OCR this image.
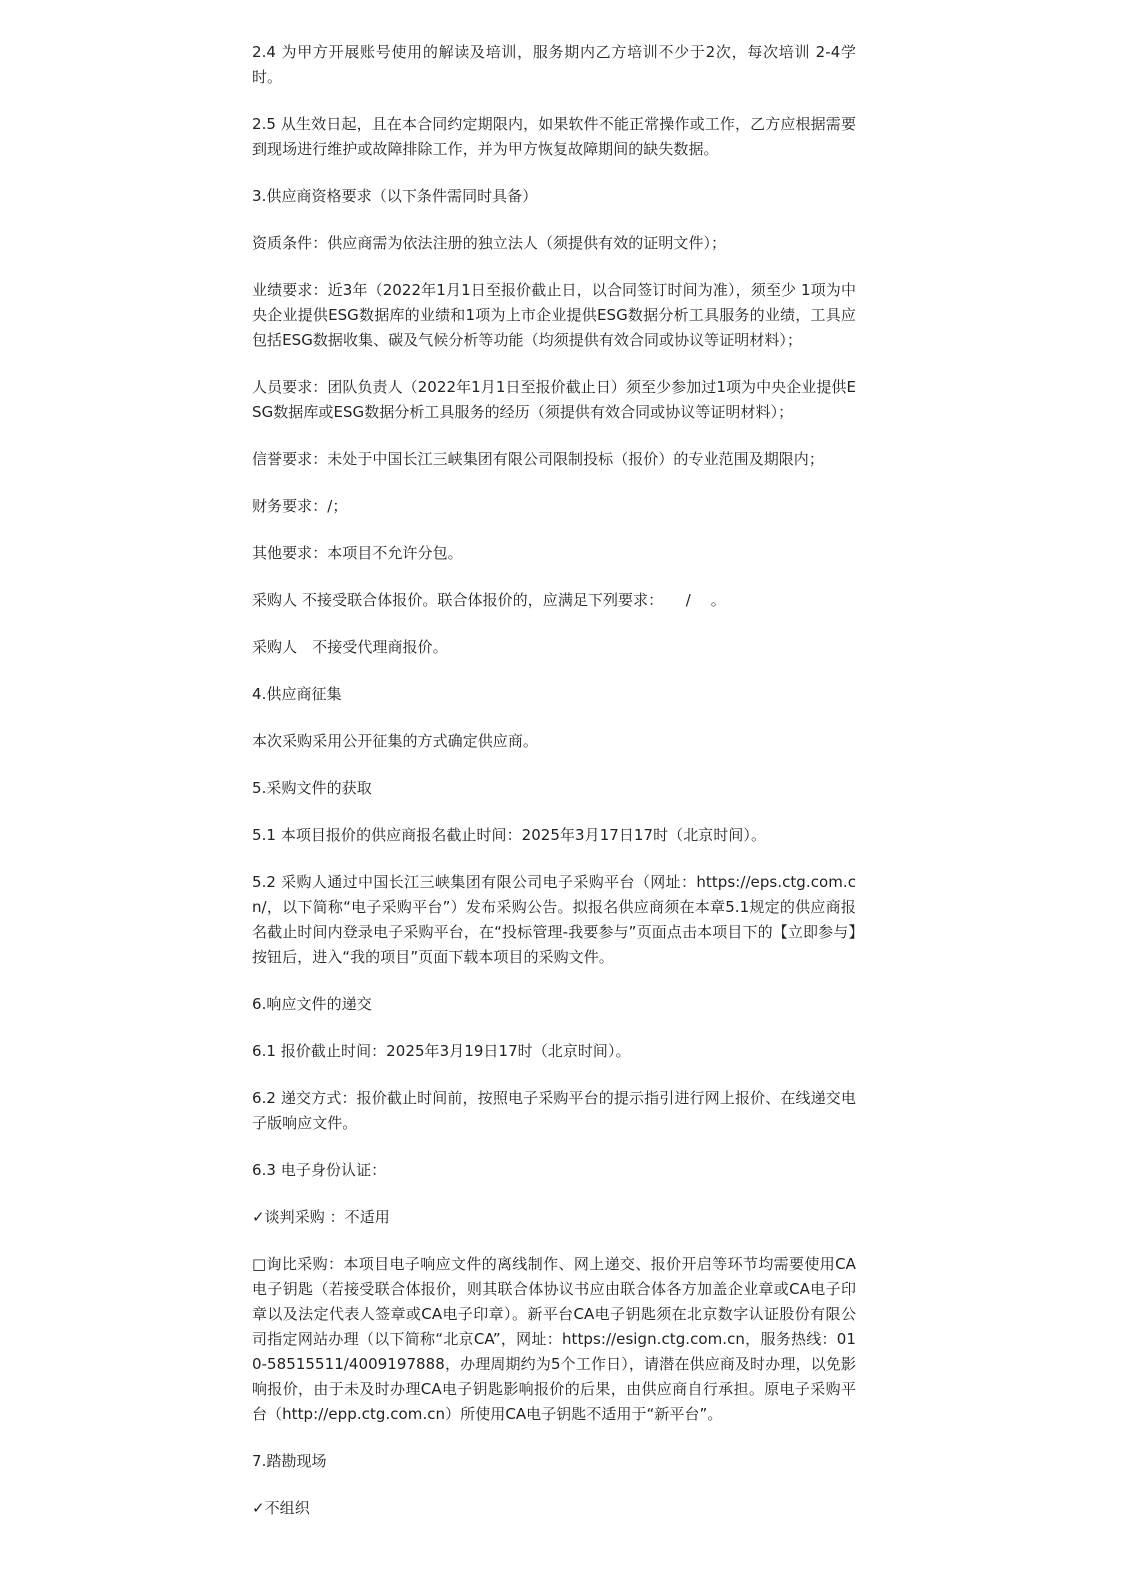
2.4 为甲方开展账号使用的解读及培训，服务期内乙方培训不少于2次，每次培训 2-4学时。

2.5 从生效日起，且在本合同约定期限内，如果软件不能正常操作或工作，乙方应根据需要到现场进行维护或故障排除工作，并为甲方恢复故障期间的缺失数据。

3.供应商资格要求（以下条件需同时具备）

资质条件：供应商需为依法注册的独立法人（须提供有效的证明文件）；

业绩要求：近3年（2022年1月1日至报价截止日，以合同签订时间为准），须至少 1项为中央企业提供ESG数据库的业绩和1项为上市企业提供ESG数据分析工具服务的业绩，工具应包括ESG数据收集、碳及气候分析等功能（均须提供有效合同或协议等证明材料）；

人员要求：团队负责人（2022年1月1日至报价截止日）须至少参加过1项为中央企业提供ESG数据库或ESG数据分析工具服务的经历（须提供有效合同或协议等证明材料）；

信誉要求：未处于中国长江三峡集团有限公司限制投标（报价）的专业范围及期限内；

财务要求：/；

其他要求：本项目不允许分包。

采购人 不接受联合体报价。联合体报价的，应满足下列要求：　　/　 。

采购人　不接受代理商报价。

4.供应商征集

本次采购采用公开征集的方式确定供应商。

5.采购文件的获取

5.1 本项目报价的供应商报名截止时间：2025年3月17日17时（北京时间）。

5.2 采购人通过中国长江三峡集团有限公司电子采购平台（网址：https://eps.ctg.com.cn/，以下简称“电子采购平台”）发布采购公告。拟报名供应商须在本章5.1规定的供应商报名截止时间内登录电子采购平台，在“投标管理-我要参与”页面点击本项目下的【立即参与】按钮后，进入“我的项目”页面下载本项目的采购文件。

6.响应文件的递交

6.1 报价截止时间：2025年3月19日17时（北京时间）。

6.2 递交方式：报价截止时间前，按照电子采购平台的提示指引进行网上报价、在线递交电子版响应文件。

6.3 电子身份认证：

✓谈判采购 ：不适用

□询比采购：本项目电子响应文件的离线制作、网上递交、报价开启等环节均需要使用CA电子钥匙（若接受联合体报价，则其联合体协议书应由联合体各方加盖企业章或CA电子印章以及法定代表人签章或CA电子印章）。新平台CA电子钥匙须在北京数字认证股份有限公司指定网站办理（以下简称“北京CA”，网址：https://esign.ctg.com.cn，服务热线：010-58515511/4009197888，办理周期约为5个工作日），请潜在供应商及时办理，以免影响报价，由于未及时办理CA电子钥匙影响报价的后果，由供应商自行承担。原电子采购平台（http://epp.ctg.com.cn）所使用CA电子钥匙不适用于“新平台”。

7.踏勘现场

✓不组织
